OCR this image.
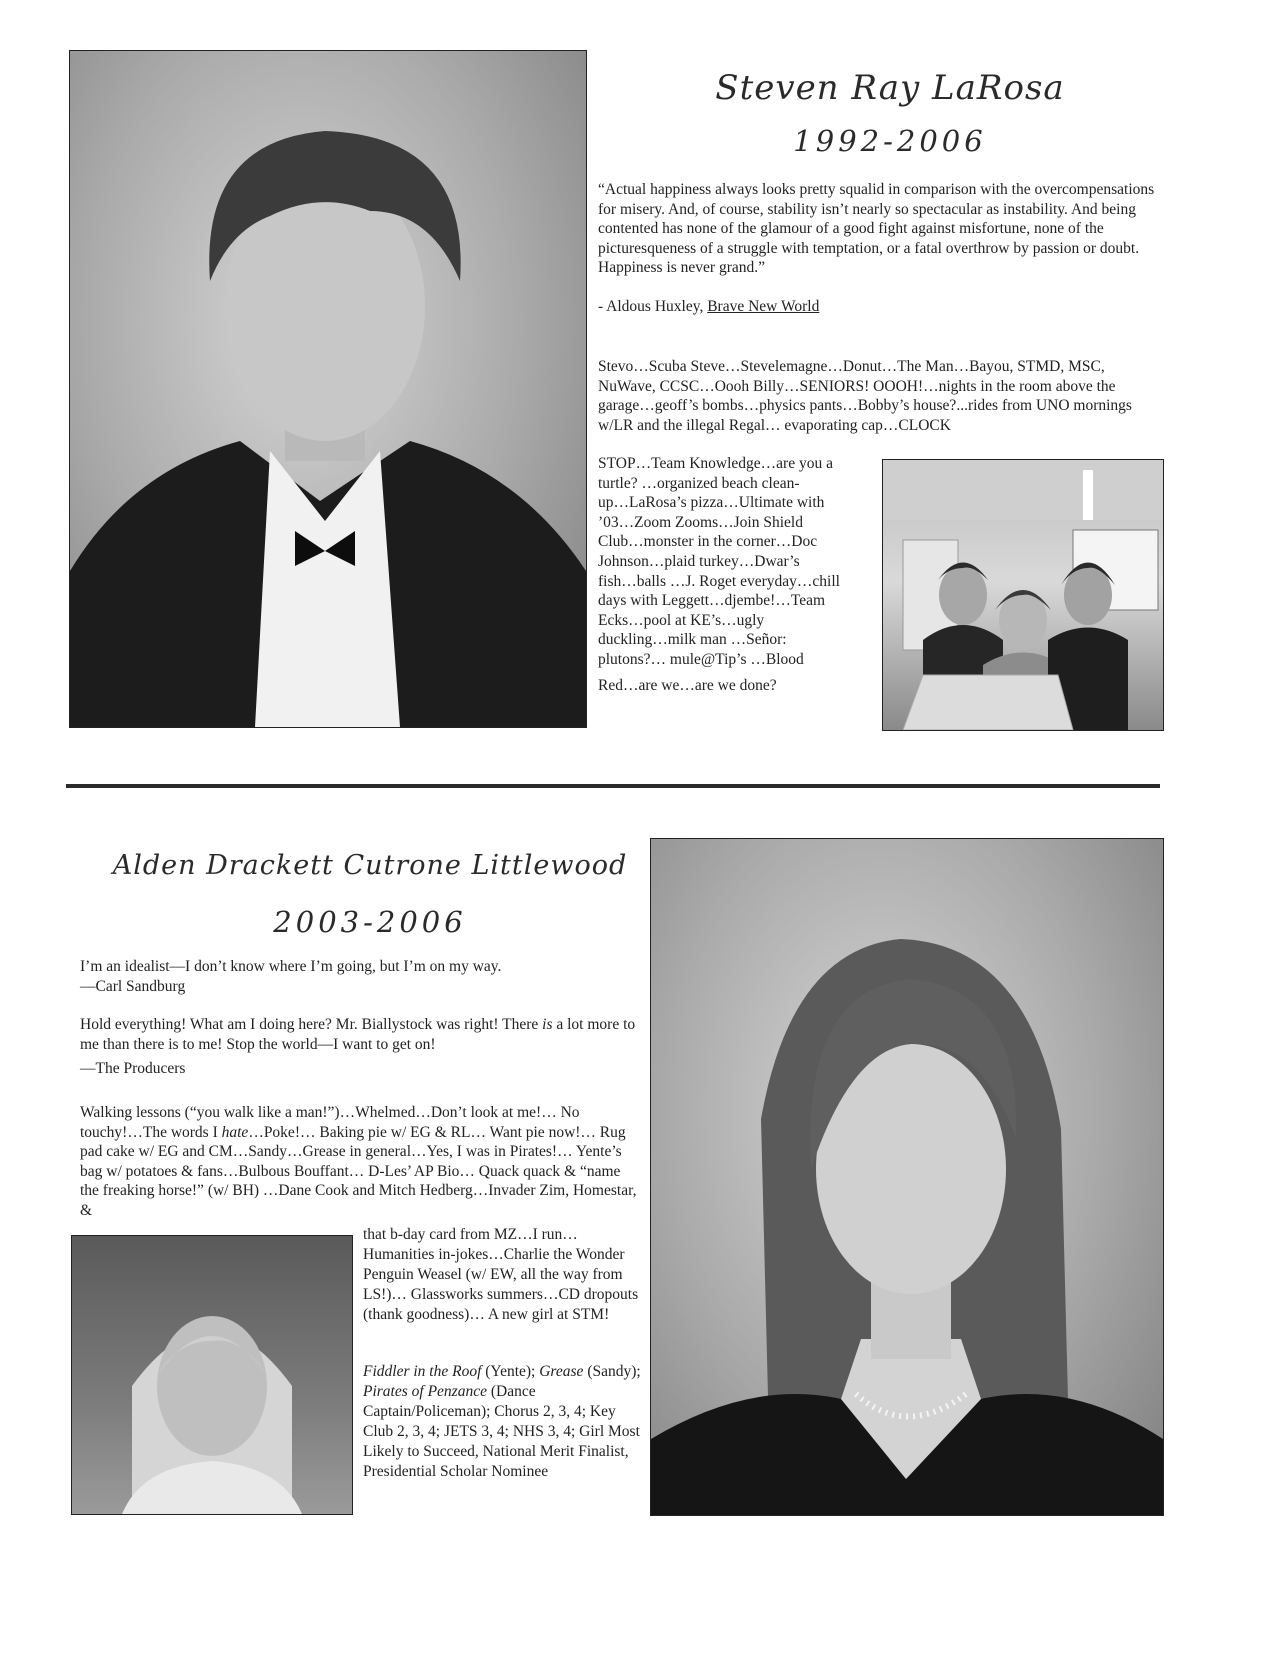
Steven Ray LaRosa
1992-2006

“Actual happiness always looks pretty squalid in comparison with the overcompensations for misery. And, of course, stability isn’t nearly so spectacular as instability. And being contented has none of the glamour of a good fight against misfortune, none of the picturesqueness of a struggle with temptation, or a fatal overthrow by passion or doubt. Happiness is never grand.”

- Aldous Huxley, Brave New World

Stevo…Scuba Steve…Stevelemagne…Donut…The Man…Bayou, STMD, MSC, NuWave, CCSC…Oooh Billy…SENIORS! OOOH!…nights in the room above the garage…geoff’s bombs…physics pants…Bobby’s house?...rides from UNO mornings w/LR and the illegal Regal… evaporating cap…CLOCK

STOP…Team Knowledge…are you a

turtle? …organized beach clean-

up…LaRosa’s pizza…Ultimate with

’03…Zoom Zooms…Join Shield

Club…monster in the corner…Doc

Johnson…plaid turkey…Dwar’s

fish…balls …J. Roget everyday…chill

days with Leggett…djembe!…Team

Ecks…pool at KE’s…ugly

duckling…milk man …Señor:

plutons?… mule@Tip’s …Blood

Red…are we…are we done?

Alden Drackett Cutrone Littlewood
2003-2006

I’m an idealist—I don’t know where I’m going, but I’m on my way.

—Carl Sandburg

Hold everything! What am I doing here? Mr. Biallystock was right! There is a lot more to me than there is to me! Stop the world—I want to get on!

—The Producers

Walking lessons (“you walk like a man!”)…Whelmed…Don’t look at me!… No touchy!…The words I hate…Poke!… Baking pie w/ EG & RL… Want pie now!… Rug pad cake w/ EG and CM…Sandy…Grease in general…Yes, I was in Pirates!… Yente’s bag w/ potatoes & fans…Bulbous Bouffant… D-Les’ AP Bio… Quack quack & “name the freaking horse!” (w/ BH) …Dane Cook and Mitch Hedberg…Invader Zim, Homestar, &
that b-day card from MZ…I run… Humanities in-jokes…Charlie the Wonder Penguin Weasel (w/ EW, all the way from LS!)… Glassworks summers…CD dropouts (thank goodness)… A new girl at STM!
Fiddler in the Roof (Yente); Grease (Sandy); Pirates of Penzance (Dance Captain/Policeman); Chorus 2, 3, 4; Key Club 2, 3, 4; JETS 3, 4; NHS 3, 4; Girl Most Likely to Succeed, National Merit Finalist, Presidential Scholar Nominee
